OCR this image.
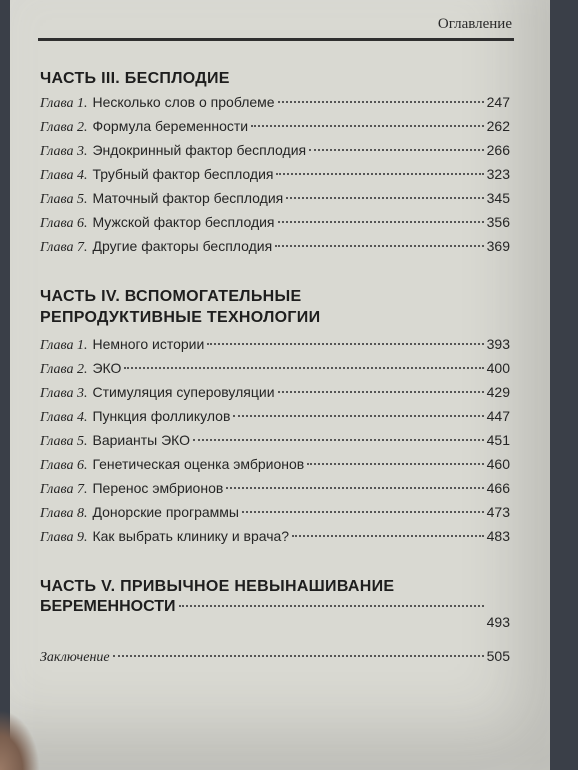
Оглавление
ЧАСТЬ III. БЕСПЛОДИЕ
Глава 1. Несколько слов о проблеме	247
Глава 2. Формула беременности	262
Глава 3. Эндокринный фактор бесплодия	266
Глава 4. Трубный фактор бесплодия	323
Глава 5. Маточный фактор бесплодия	345
Глава 6. Мужской фактор бесплодия	356
Глава 7. Другие факторы бесплодия	369
ЧАСТЬ IV. ВСПОМОГАТЕЛЬНЫЕ
РЕПРОДУКТИВНЫЕ ТЕХНОЛОГИИ
Глава 1. Немного истории	393
Глава 2. ЭКО	400
Глава 3. Стимуляция суперовуляции	429
Глава 4. Пункция фолликулов	447
Глава 5. Варианты ЭКО	451
Глава 6. Генетическая оценка эмбрионов	460
Глава 7. Перенос эмбрионов	466
Глава 8. Донорские программы	473
Глава 9. Как выбрать клинику и врача?	483
ЧАСТЬ V. ПРИВЫЧНОЕ НЕВЫНАШИВАНИЕ
БЕРЕМЕННОСТИ
493
Заключение	505
